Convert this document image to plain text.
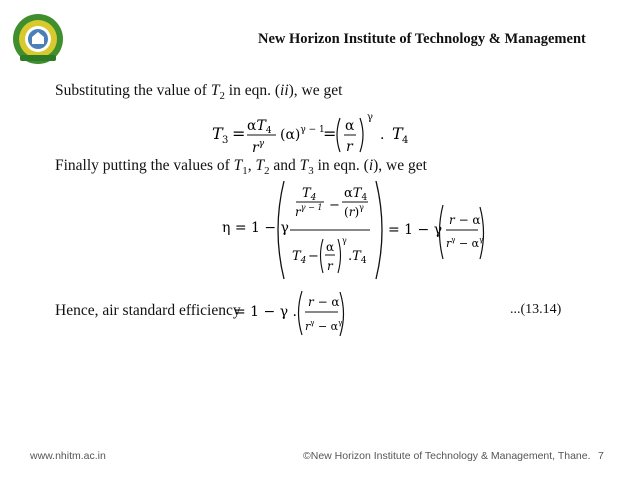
New Horizon Institute of Technology & Management
Substituting the value of $T_2$ in eqn. (ii), we get
T $3 = \alpha T_4$
$r^\gamma$
$(\alpha)^{\gamma - 1}$
= α
r
γ
. T 4
Finally putting the values of $T_1$, $T_2$ and $T_3$ in eqn. (i), we get
η = 1 − γ
$T_4$
$r^{\gamma - 1}$ −
$\alpha T_4$
$(r)^\gamma$
$T_4$ −
α
r
γ
$.T_4$
= 1 − γ
r − α
$r^\gamma - \alpha^\gamma$
Hence, air standard efficiency
= 1 − γ .
r − α
$r^\gamma - \alpha^\gamma$
...(13.14)
www.nhitm.ac.in	©New Horizon Institute of Technology & Management, Thane. 7
